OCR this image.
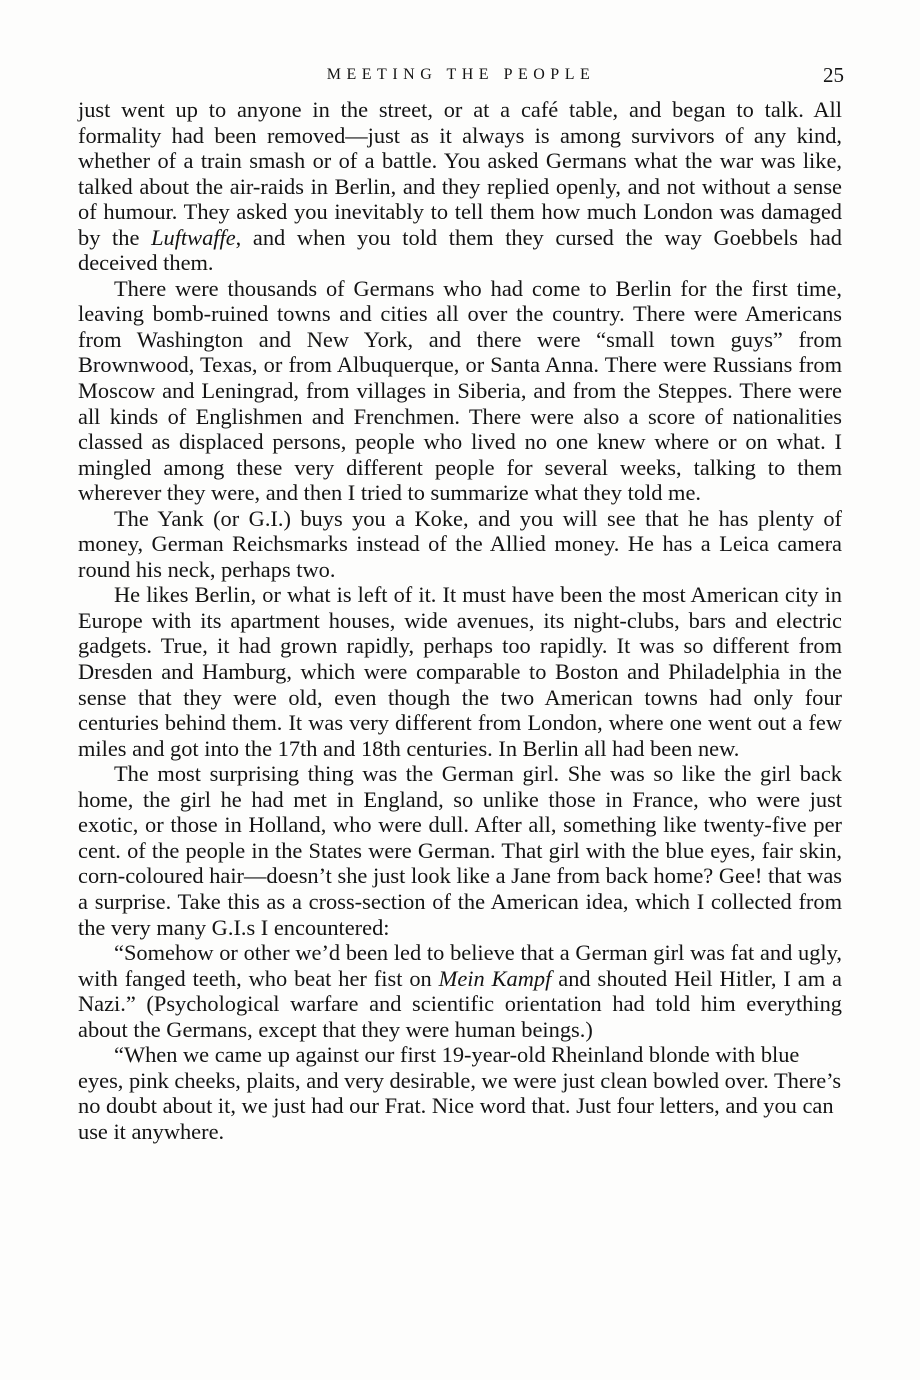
MEETING THE PEOPLE	25

just went up to anyone in the street, or at a café table, and began to talk. All formality had been removed—just as it always is among survivors of any kind, whether of a train smash or of a battle. You asked Germans what the war was like, talked about the air-raids in Berlin, and they replied openly, and not without a sense of humour. They asked you inevitably to tell them how much London was damaged by the Luftwaffe, and when you told them they cursed the way Goebbels had deceived them.

There were thousands of Germans who had come to Berlin for the first time, leaving bomb-ruined towns and cities all over the country. There were Americans from Washington and New York, and there were “small town guys” from Brownwood, Texas, or from Albuquerque, or Santa Anna. There were Russians from Moscow and Leningrad, from villages in Siberia, and from the Steppes. There were all kinds of Englishmen and Frenchmen. There were also a score of nationalities classed as displaced persons, people who lived no one knew where or on what. I mingled among these very different people for several weeks, talking to them wherever they were, and then I tried to summarize what they told me.

The Yank (or G.I.) buys you a Koke, and you will see that he has plenty of money, German Reichsmarks instead of the Allied money. He has a Leica camera round his neck, perhaps two.

He likes Berlin, or what is left of it. It must have been the most American city in Europe with its apartment houses, wide avenues, its night-clubs, bars and electric gadgets. True, it had grown rapidly, perhaps too rapidly. It was so different from Dresden and Hamburg, which were comparable to Boston and Philadelphia in the sense that they were old, even though the two American towns had only four centuries behind them. It was very different from London, where one went out a few miles and got into the 17th and 18th centuries. In Berlin all had been new.

The most surprising thing was the German girl. She was so like the girl back home, the girl he had met in England, so unlike those in France, who were just exotic, or those in Holland, who were dull. After all, something like twenty-five per cent. of the people in the States were German. That girl with the blue eyes, fair skin, corn-coloured hair—doesn’t she just look like a Jane from back home? Gee! that was a surprise. Take this as a cross-section of the American idea, which I collected from the very many G.I.s I encountered:

“Somehow or other we’d been led to believe that a German girl was fat and ugly, with fanged teeth, who beat her fist on Mein Kampf and shouted Heil Hitler, I am a Nazi.” (Psychological warfare and scientific orientation had told him everything about the Germans, except that they were human beings.)

“When we came up against our first 19-year-old Rheinland blonde with blue eyes, pink cheeks, plaits, and very desirable, we were just clean bowled over. There’s no doubt about it, we just had our Frat. Nice word that. Just four letters, and you can use it anywhere.
